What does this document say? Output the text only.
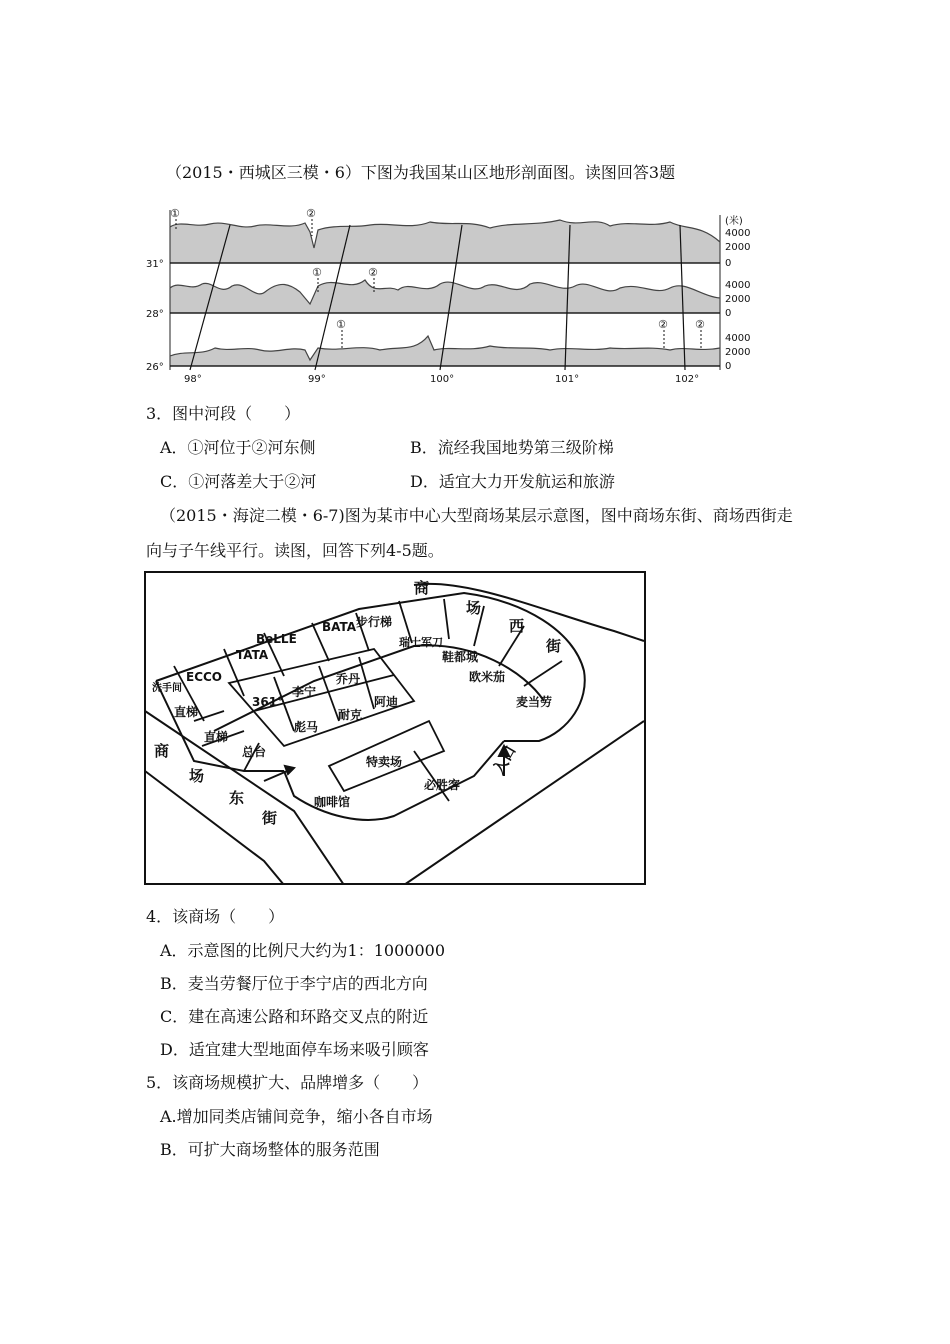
（2015・西城区三模・6）下图为我国某山区地形剖面图。读图回答3题
(米)
4000
2000
0
4000
2000
0
4000
2000
0
31°
28°
26°
①	②
①	②
①	② ②
98°	99°	100°	101°	102°
3．图中河段（　　）
A．①河位于②河东侧	B．流经我国地势第三级阶梯
C．①河落差大于②河	D．适宜大力开发航运和旅游
（2015・海淀二模・6-7)图为某市中心大型商场某层示意图，图中商场东街、商场西街走
向与子午线平行。读图，回答下列4-5题。
商
场
西
街
商
场
东
街
入口
步行梯
BATA
BeLLE
TATA
ECCO
洗手间
直梯
直梯
总台
瑞士军刀
鞋都城
欧米茄
麦当劳
361°
李宁
乔丹
彪马
耐克
阿迪
特卖场
必胜客
咖啡馆
4．该商场（　　）
A．示意图的比例尺大约为1：1000000
B．麦当劳餐厅位于李宁店的西北方向
C．建在高速公路和环路交叉点的附近
D．适宜建大型地面停车场来吸引顾客
5．该商场规模扩大、品牌增多（　　）
A.增加同类店铺间竞争，缩小各自市场
B．可扩大商场整体的服务范围
